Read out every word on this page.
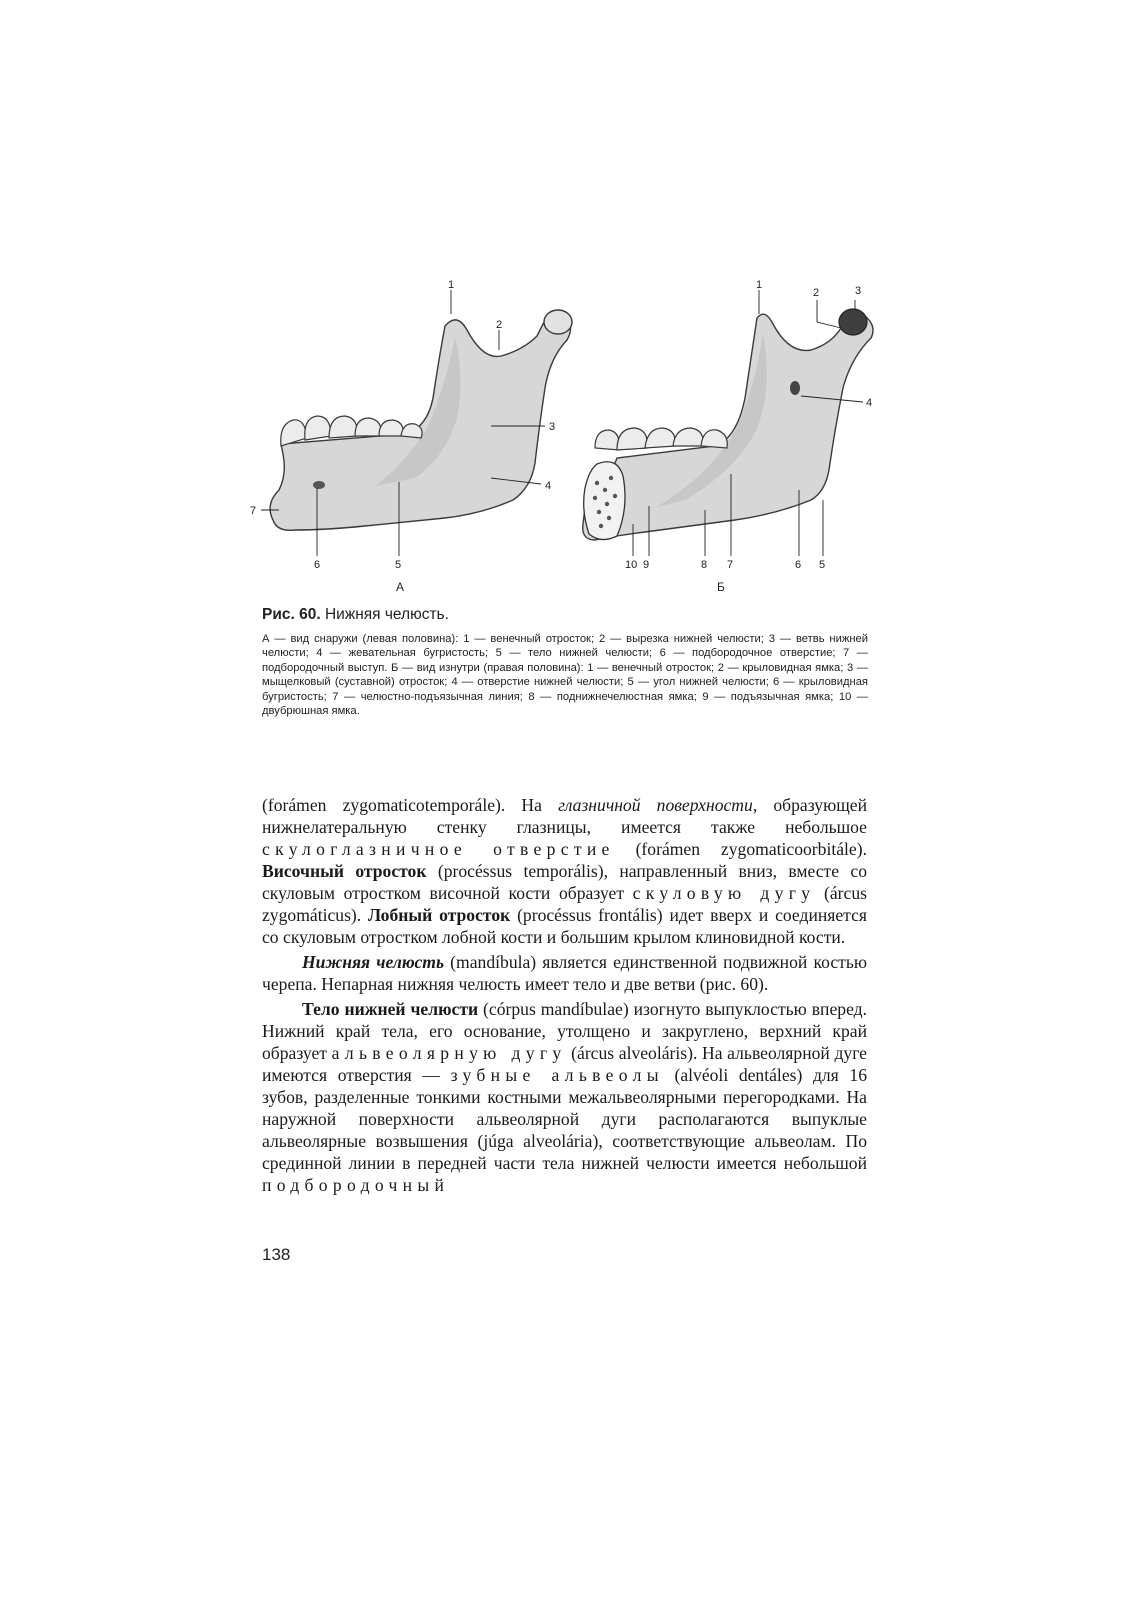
1
2
3
4
5
6
7
1
2	3
4
5
6
7
8
9
10
А	Б
Рис. 60. Нижняя челюсть.
А — вид снаружи (левая половина): 1 — венечный отросток; 2 — вырезка нижней челюсти; 3 — ветвь нижней челюсти; 4 — жевательная бугристость; 5 — тело нижней челюсти; 6 — подбородочное отверстие; 7 — подбородочный выступ. Б — вид изнутри (правая половина): 1 — венечный отросток; 2 — крыловидная ямка; 3 — мыщелковый (суставной) отросток; 4 — отверстие нижней челюсти; 5 — угол нижней челюсти; 6 — крыловидная бугристость; 7 — челюстно-подъязычная линия; 8 — поднижнечелюстная ямка; 9 — подъязычная ямка; 10 — двубрюшная ямка.

(forámen zygomaticotemporále). На глазничной поверхности, образующей нижнелатеральную стенку глазницы, имеется также небольшое скулоглазничное отверстие (forámen zygomaticoorbitále). Височный отросток (procéssus temporális), направленный вниз, вместе со скуловым отростком височной кости образует скуловую дугу (árcus zygomáticus). Лобный отросток (procéssus frontális) идет вверх и соединяется со скуловым отростком лобной кости и большим крылом клиновидной кости.

Нижняя челюсть (mandíbula) является единственной подвижной костью черепа. Непарная нижняя челюсть имеет тело и две ветви (рис. 60).

Тело нижней челюсти (córpus mandíbulae) изогнуто выпуклостью вперед. Нижний край тела, его основание, утолщено и закруглено, верхний край образует альвеолярную дугу (árcus alveoláris). На альвеолярной дуге имеются отверстия — зубные альвеолы (alvéoli dentáles) для 16 зубов, разделенные тонкими костными межальвеолярными перегородками. На наружной поверхности альвеолярной дуги располагаются выпуклые альвеолярные возвышения (júga alveolária), соответствующие альвеолам. По срединной линии в передней части тела нижней челюсти имеется небольшой подбородочный

138
